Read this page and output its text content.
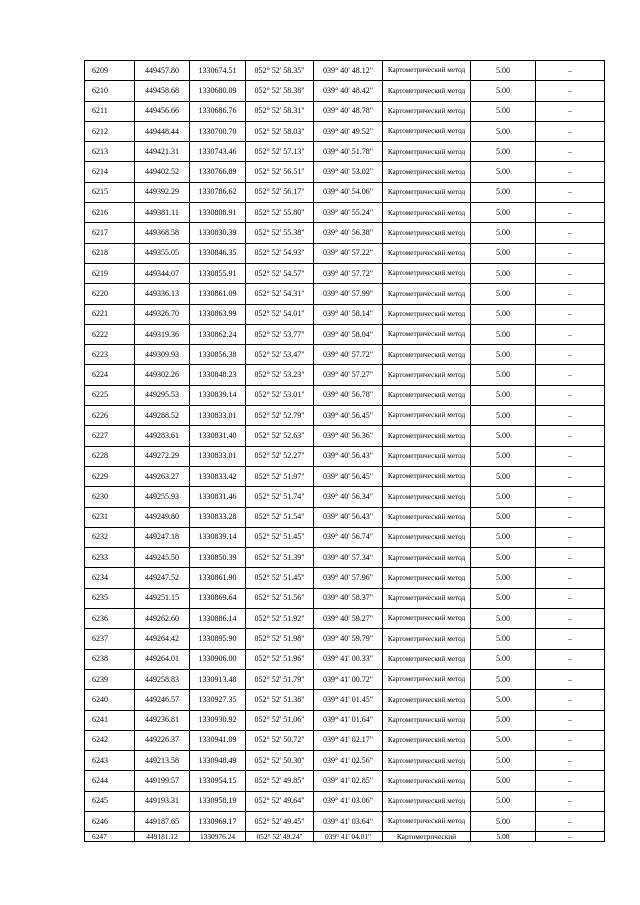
6209	449457.80	1330674.51	052° 52' 58.35"	039° 40' 48.12"	Картометрический метод	5.00	–
6210	449458.68	1330680.09	052° 52' 58.38"	039° 40' 48.42"	Картометрический метод	5.00	–
6211	449456.66	1330686.76	052° 52' 58.31"	039° 40' 48.78"	Картометрический метод	5.00	–
6212	449448.44	1330700.70	052° 52' 58.03"	039° 40' 49.52"	Картометрический метод	5.00	–
6213	449421.31	1330743.46	052° 52' 57.13"	039° 40' 51.78"	Картометрический метод	5.00	–
6214	449402.52	1330766.89	052° 52' 56.51"	039° 40' 53.02"	Картометрический метод	5.00	–
6215	449392.29	1330786.62	052° 52' 56.17"	039° 40' 54.06"	Картометрический метод	5.00	–
6216	449381.11	1330808.91	052° 52' 55.80"	039° 40' 55.24"	Картометрический метод	5.00	–
6217	449368.58	1330830.39	052° 52' 55.38"	039° 40' 56.38"	Картометрический метод	5.00	–
6218	449355.05	1330846.35	052° 52' 54.93"	039° 40' 57.22"	Картометрический метод	5.00	–
6219	449344.07	1330855.91	052° 52' 54.57"	039° 40' 57.72"	Картометрический метод	5.00	–
6220	449336.13	1330861.09	052° 52' 54.31"	039° 40' 57.99"	Картометрический метод	5.00	–
6221	449326.70	1330863.99	052° 52' 54.01"	039° 40' 58.14"	Картометрический метод	5.00	–
6222	449319.36	1330862.24	052° 52' 53.77"	039° 40' 58.04"	Картометрический метод	5.00	–
6223	449309.93	1330856.38	052° 52' 53.47"	039° 40' 57.72"	Картометрический метод	5.00	–
6224	449302.26	1330848.23	052° 52' 53.23"	039° 40' 57.27"	Картометрический метод	5.00	–
6225	449295.53	1330839.14	052° 52' 53.01"	039° 40' 56.78"	Картометрический метод	5.00	–
6226	449288.52	1330833.01	052° 52' 52.79"	039° 40' 56.45"	Картометрический метод	5.00	–
6227	449283.61	1330831.40	052° 52' 52.63"	039° 40' 56.36"	Картометрический метод	5.00	–
6228	449272.29	1330833.01	052° 52' 52.27"	039° 40' 56.43"	Картометрический метод	5.00	–
6229	449263.27	1330833.42	052° 52' 51.97"	039° 40' 56.45"	Картометрический метод	5.00	–
6230	449255.93	1330831.46	052° 52' 51.74"	039° 40' 56.34"	Картометрический метод	5.00	–
6231	449249.80	1330833.28	052° 52' 51.54"	039° 40' 56.43"	Картометрический метод	5.00	–
6232	449247.18	1330839.14	052° 52' 51.45"	039° 40' 56.74"	Картометрический метод	5.00	–
6233	449245.50	1330850.39	052° 52' 51.39"	039° 40' 57.34"	Картометрический метод	5.00	–
6234	449247.52	1330861.90	052° 52' 51.45"	039° 40' 57.96"	Картометрический метод	5.00	–
6235	449251.15	1330869.64	052° 52' 51.56"	039° 40' 58.37"	Картометрический метод	5.00	–
6236	449262.60	1330886.14	052° 52' 51.92"	039° 40' 59.27"	Картометрический метод	5.00	–
6237	449264.42	1330895.90	052° 52' 51.98"	039° 40' 59.79"	Картометрический метод	5.00	–
6238	449264.01	1330906.00	052° 52' 51.96"	039° 41' 00.33"	Картометрический метод	5.00	–
6239	449258.83	1330913.48	052° 52' 51.79"	039° 41' 00.72"	Картометрический метод	5.00	–
6240	449246.57	1330927.35	052° 52' 51.38"	039° 41' 01.45"	Картометрический метод	5.00	–
6241	449236.81	1330930.92	052° 52' 51.06"	039° 41' 01.64"	Картометрический метод	5.00	–
6242	449226.37	1330941.09	052° 52' 50.72"	039° 41' 02.17"	Картометрический метод	5.00	–
6243	449213.58	1330948.49	052° 52' 50.30"	039° 41' 02.56"	Картометрический метод	5.00	–
6244	449199.57	1330954.15	052° 52' 49.85"	039° 41' 02.85"	Картометрический метод	5.00	–
6245	449193.31	1330958.19	052° 52' 49.64"	039° 41' 03.06"	Картометрический метод	5.00	–
6246	449187.65	1330969.17	052° 52' 49.45"	039° 41' 03.64"	Картометрический метод	5.00	–
6247	449181.12	1330976.24	052° 52' 49.24"	039° 41' 04.01"	Картометрический	5.00	–
